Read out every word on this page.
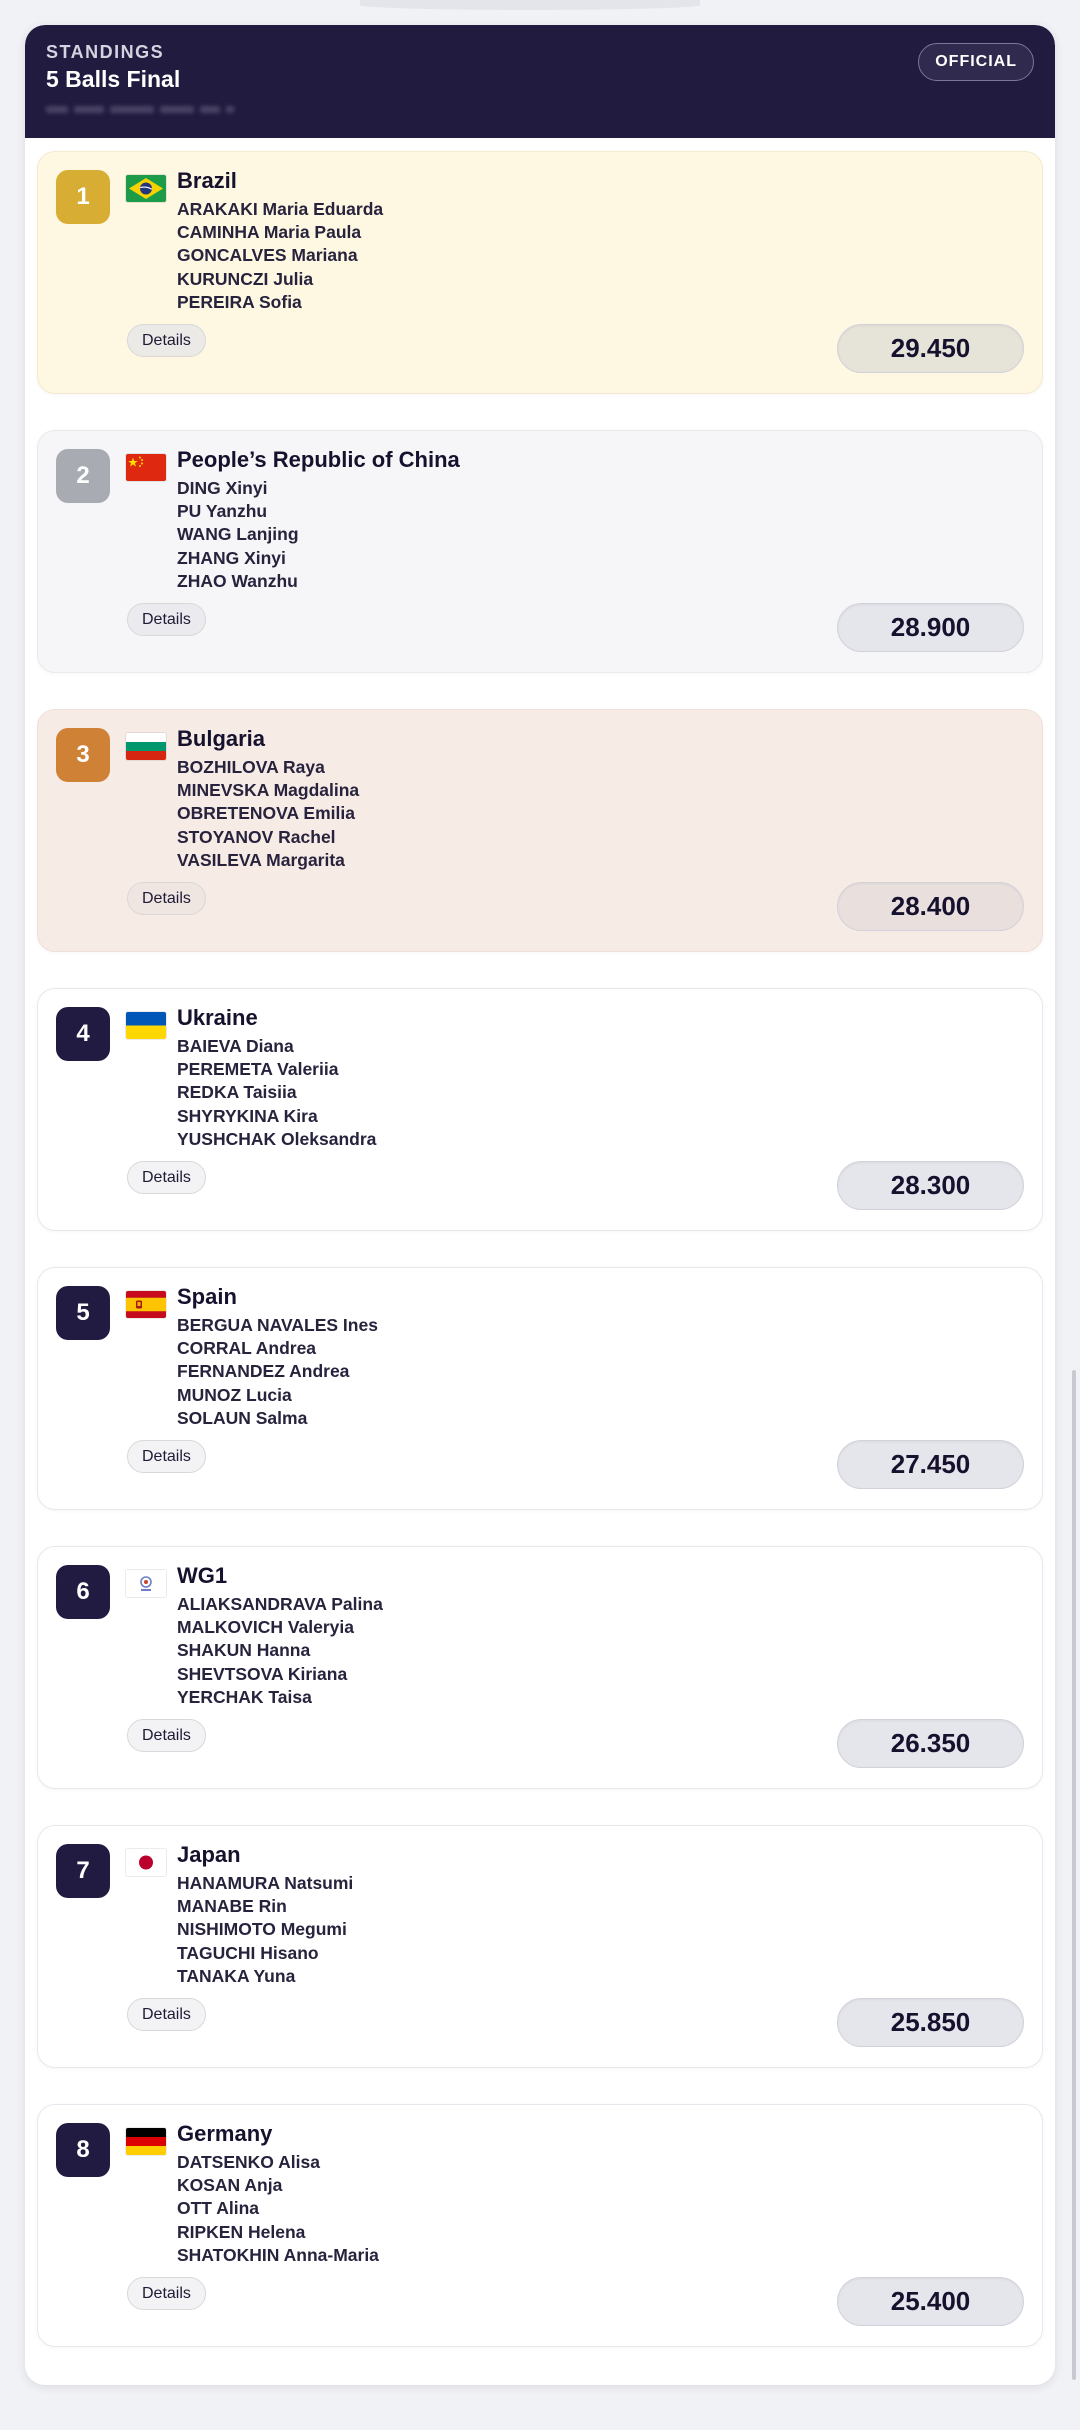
STANDINGS
5 Balls Final
OFFICIAL
1
Brazil
ARAKAKI Maria Eduarda
CAMINHA Maria Paula
GONCALVES Mariana
KURUNCZI Julia
PEREIRA Sofia
Details	29.450
2
People’s Republic of China
DING Xinyi
PU Yanzhu
WANG Lanjing
ZHANG Xinyi
ZHAO Wanzhu
Details	28.900
3
Bulgaria
BOZHILOVA Raya
MINEVSKA Magdalina
OBRETENOVA Emilia
STOYANOV Rachel
VASILEVA Margarita
Details	28.400
4
Ukraine
BAIEVA Diana
PEREMETA Valeriia
REDKA Taisiia
SHYRYKINA Kira
YUSHCHAK Oleksandra
Details	28.300
5
Spain
BERGUA NAVALES Ines
CORRAL Andrea
FERNANDEZ Andrea
MUNOZ Lucia
SOLAUN Salma
Details	27.450
6
WG1
ALIAKSANDRAVA Palina
MALKOVICH Valeryia
SHAKUN Hanna
SHEVTSOVA Kiriana
YERCHAK Taisa
Details	26.350
7
Japan
HANAMURA Natsumi
MANABE Rin
NISHIMOTO Megumi
TAGUCHI Hisano
TANAKA Yuna
Details	25.850
8
Germany
DATSENKO Alisa
KOSAN Anja
OTT Alina
RIPKEN Helena
SHATOKHIN Anna-Maria
Details	25.400
